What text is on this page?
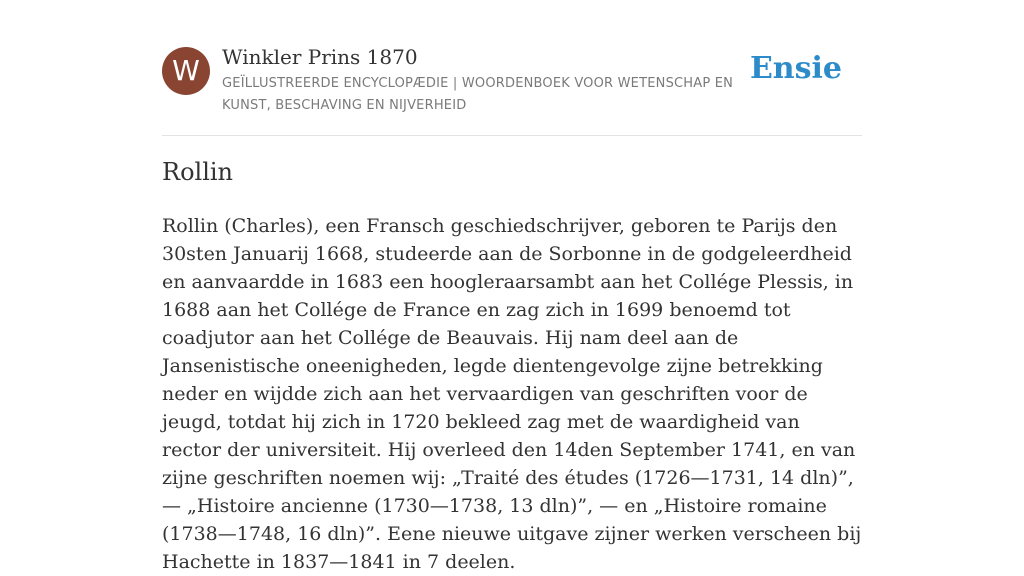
W	Winkler Prins 1870
GEÏLLUSTREERDE ENCYCLOPÆDIE | WOORDENBOEK VOOR WETENSCHAP EN KUNST, BESCHAVING EN NIJVERHEID
Ensie
Rollin

Rollin (Charles), een Fransch geschiedschrijver, geboren te Parijs den 30sten Januarij 1668, studeerde aan de Sorbonne in de godgeleerdheid en aanvaardde in 1683 een hoogleraarsambt aan het Collége Plessis, in 1688 aan het Collége de France en zag zich in 1699 benoemd tot coadjutor aan het Collége de Beauvais. Hij nam deel aan de Jansenistische oneenigheden, legde dientengevolge zijne betrekking neder en wijdde zich aan het vervaardigen van geschriften voor de jeugd, totdat hij zich in 1720 bekleed zag met de waardigheid van rector der universiteit. Hij overleed den 14den September 1741, en van zijne geschriften noemen wij: „Traité des études (1726—1731, 14 dln)”, — „Histoire ancienne (1730—1738, 13 dln)”, — en „Histoire romaine (1738—1748, 16 dln)”. Eene nieuwe uitgave zijner werken verscheen bij Hachette in 1837—1841 in 7 deelen.
